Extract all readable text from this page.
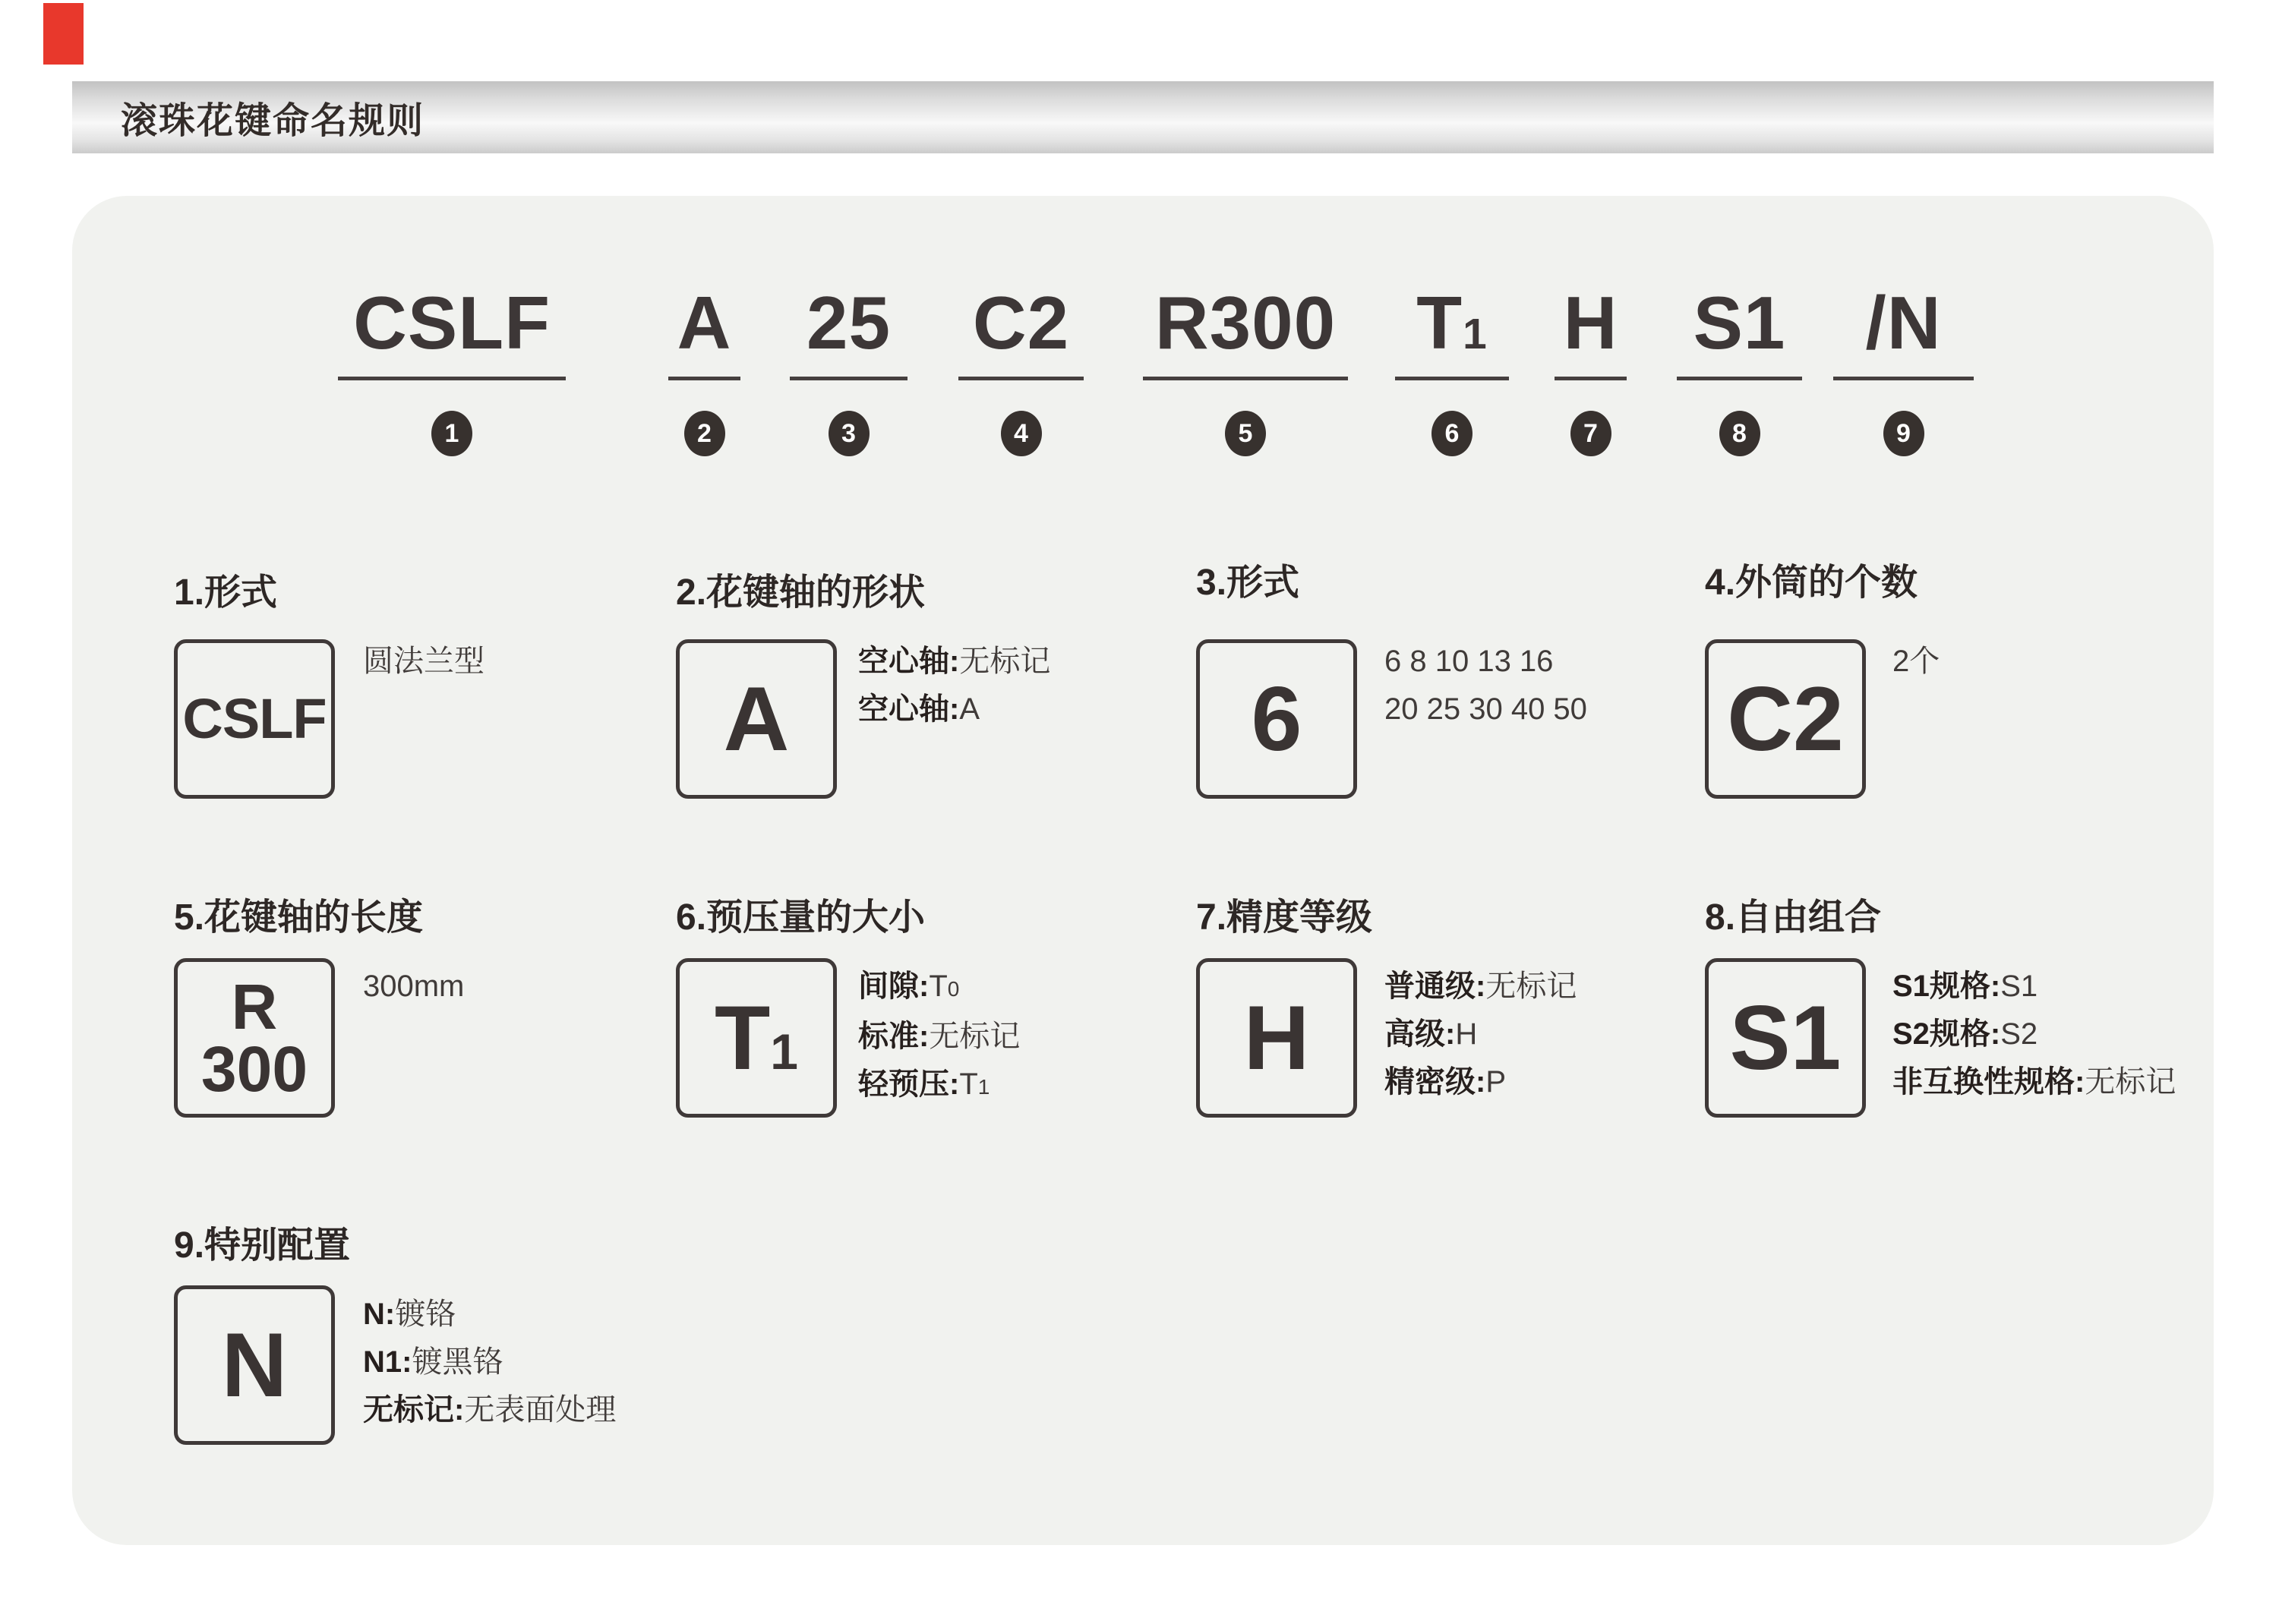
滚珠花键命名规则
CSLF
1
A
2
25
3
C2
4
R300
5
T1
6
H
7
S1
8
/N
9
1.形式
CSLF
圆法兰型
2.花键轴的形状
A
空心轴:无标记
空心轴:A
3.形式
6
6 8 10 13 16
20 25 30 40 50
4.外筒的个数
C2
2个
5.花键轴的长度
R
300
300mm
6.预压量的大小
T1
间隙:T0
标准:无标记
轻预压:T1
7.精度等级
H
普通级:无标记
高级:H
精密级:P
8.自由组合
S1
S1规格:S1
S2规格:S2
非互换性规格:无标记
9.特别配置
N N:镀铬
N1:镀黑铬
无标记:无表面处理
